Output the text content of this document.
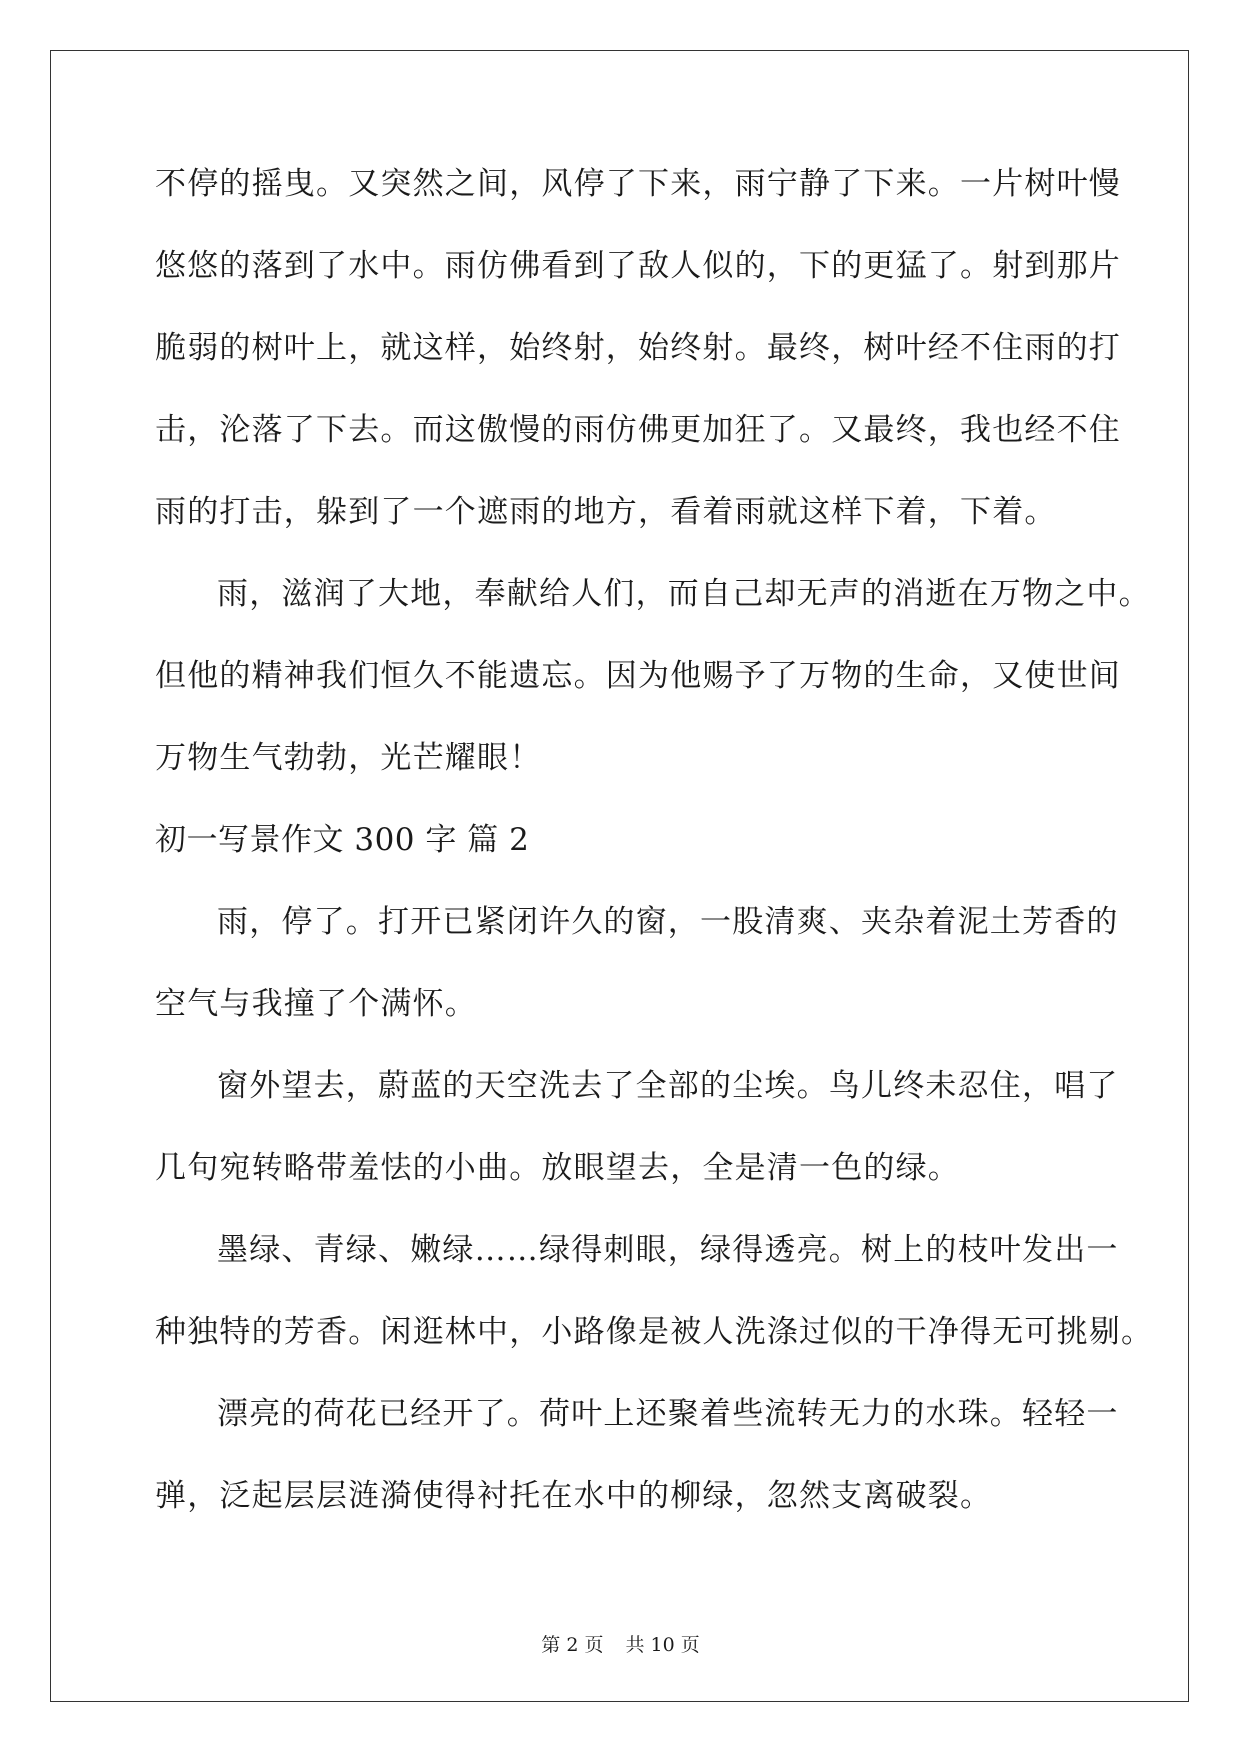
不停的摇曳。又突然之间，风停了下来，雨宁静了下来。一片树叶慢
悠悠的落到了水中。雨仿佛看到了敌人似的，下的更猛了。射到那片
脆弱的树叶上，就这样，始终射，始终射。最终，树叶经不住雨的打
击，沦落了下去。而这傲慢的雨仿佛更加狂了。又最终，我也经不住
雨的打击，躲到了一个遮雨的地方，看着雨就这样下着，下着。
雨，滋润了大地，奉献给人们，而自己却无声的消逝在万物之中。
但他的精神我们恒久不能遗忘。因为他赐予了万物的生命，又使世间
万物生气勃勃，光芒耀眼！
初一写景作文 300 字 篇 2
雨，停了。打开已紧闭许久的窗，一股清爽、夹杂着泥土芳香的
空气与我撞了个满怀。
窗外望去，蔚蓝的天空洗去了全部的尘埃。鸟儿终未忍住，唱了
几句宛转略带羞怯的小曲。放眼望去，全是清一色的绿。
墨绿、青绿、嫩绿……绿得刺眼，绿得透亮。树上的枝叶发出一
种独特的芳香。闲逛林中，小路像是被人洗涤过似的干净得无可挑剔。
漂亮的荷花已经开了。荷叶上还聚着些流转无力的水珠。轻轻一
弹，泛起层层涟漪使得衬托在水中的柳绿，忽然支离破裂。
第 2 页 共 10 页
